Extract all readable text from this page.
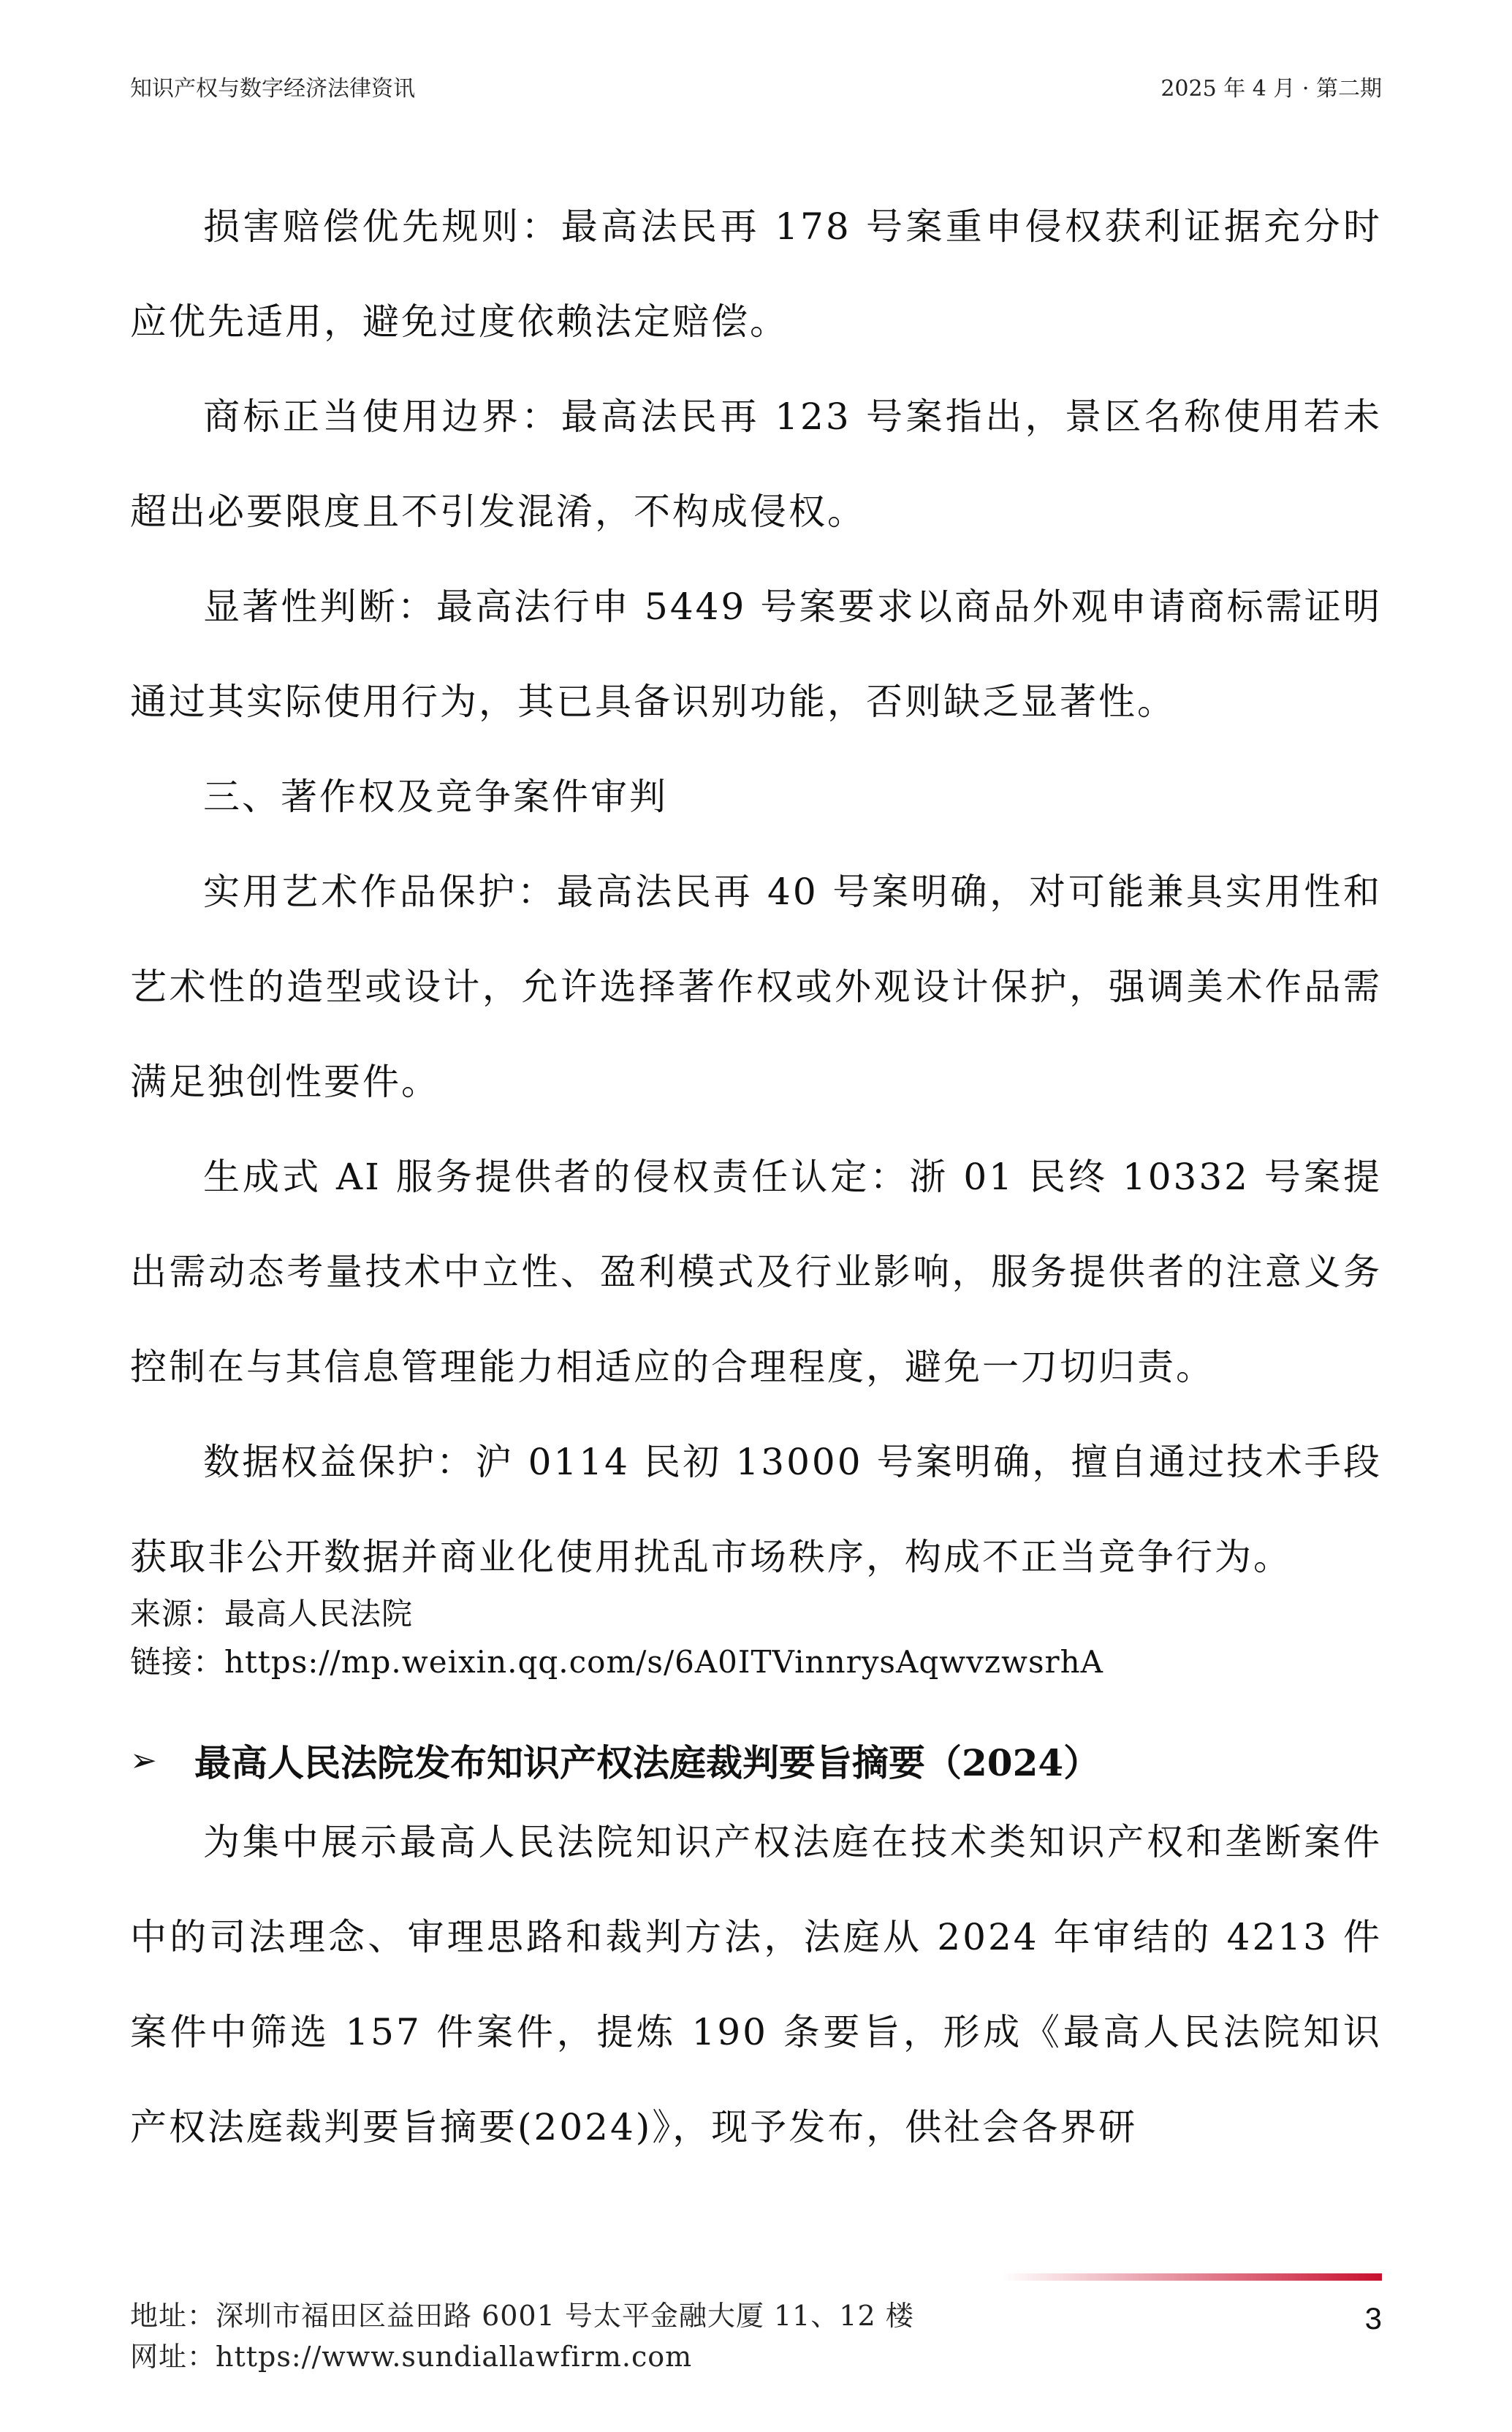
知识产权与数字经济法律资讯	2025 年 4 月 · 第二期

损害赔偿优先规则：最高法民再 178 号案重申侵权获利证据充分时应优先适用，避免过度依赖法定赔偿。

商标正当使用边界：最高法民再 123 号案指出，景区名称使用若未超出必要限度且不引发混淆，不构成侵权。

显著性判断：最高法行申 5449 号案要求以商品外观申请商标需证明通过其实际使用行为，其已具备识别功能，否则缺乏显著性。

三、著作权及竞争案件审判

实用艺术作品保护：最高法民再 40 号案明确，对可能兼具实用性和艺术性的造型或设计，允许选择著作权或外观设计保护，强调美术作品需满足独创性要件。

生成式 AI 服务提供者的侵权责任认定：浙 01 民终 10332 号案提出需动态考量技术中立性、盈利模式及行业影响，服务提供者的注意义务控制在与其信息管理能力相适应的合理程度，避免一刀切归责。

数据权益保护：沪 0114 民初 13000 号案明确，擅自通过技术手段获取非公开数据并商业化使用扰乱市场秩序，构成不正当竞争行为。

来源：最高人民法院

链接：https://mp.weixin.qq.com/s/6A0ITVinnrysAqwvzwsrhA

➢ 最高人民法院发布知识产权法庭裁判要旨摘要（2024）

为集中展示最高人民法院知识产权法庭在技术类知识产权和垄断案件中的司法理念、审理思路和裁判方法，法庭从 2024 年审结的 4213 件案件中筛选 157 件案件，提炼 190 条要旨，形成《最高人民法院知识产权法庭裁判要旨摘要(2024)》，现予发布，供社会各界研

地址：深圳市福田区益田路 6001 号太平金融大厦 11、12 楼
网址：https://www.sundiallawfirm.com
3
